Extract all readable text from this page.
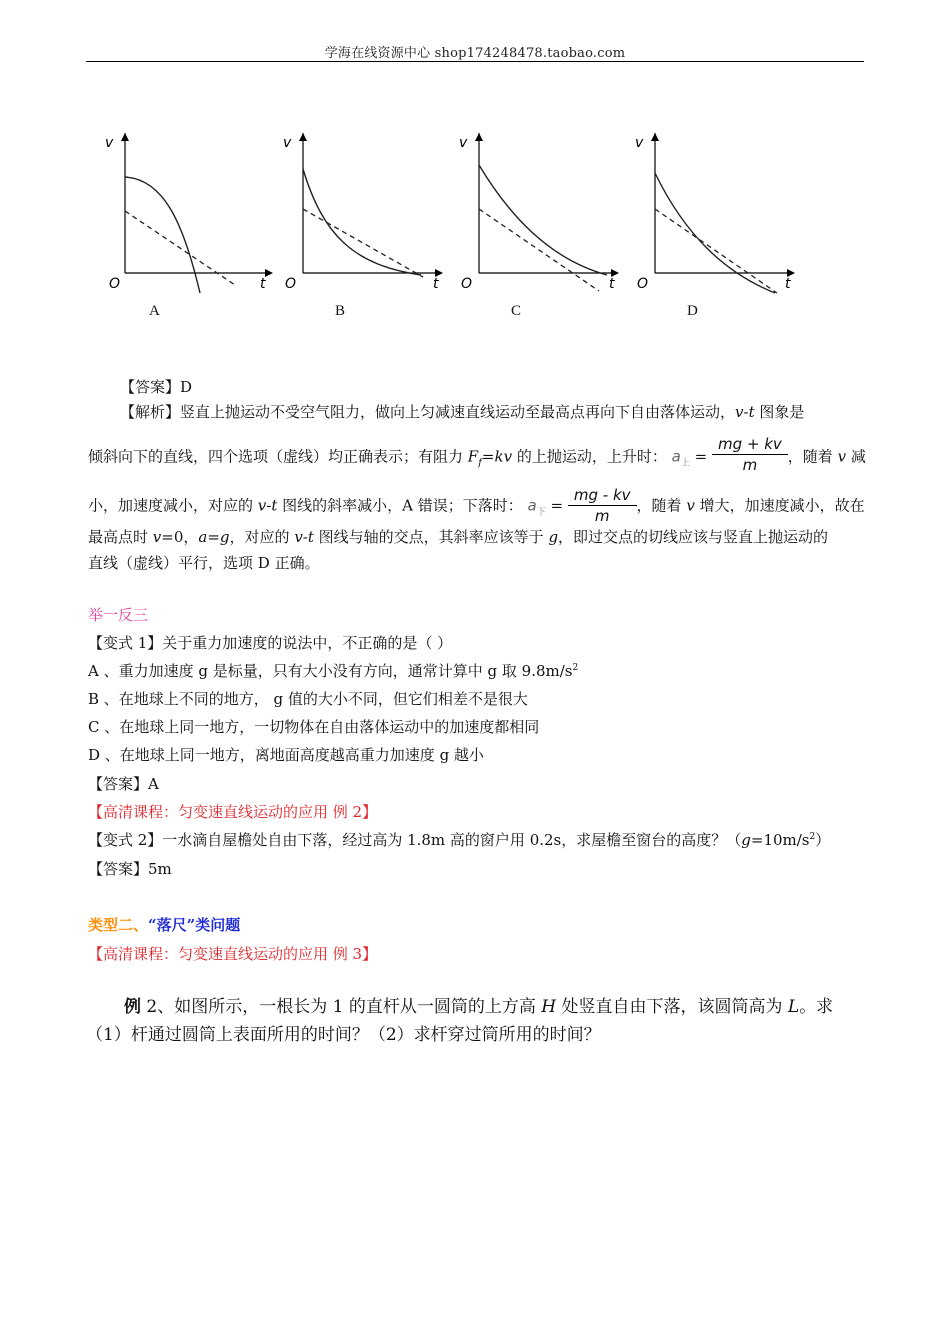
学海在线资源中心 shop174248478.taobao.com
v
O	t
A
v
O	t
B
v
O	t
C
v
O	t
D
【答案】D
【解析】竖直上抛运动不受空气阻力，做向上匀减速直线运动至最高点再向下自由落体运动，v-t 图象是
倾斜向下的直线，四个选项（虚线）均正确表示；有阻力 $F_f=kv$ 的上抛运动，上升时： $a_上 = \frac{mg + kv}{m}$ ，随着 v 减
小，加速度减小，对应的 v-t 图线的斜率减小，A 错误；下落时： $a_下 = \frac{mg - kv}{m}$ ，随着 v 增大，加速度减小，故在
最高点时 v=0，a=g，对应的 v-t 图线与轴的交点，其斜率应该等于 g，即过交点的切线应该与竖直上抛运动的
直线（虚线）平行，选项 D 正确。
举一反三
【变式 1】关于重力加速度的说法中，不正确的是（ ）
A 、重力加速度 g 是标量，只有大小没有方向，通常计算中 g 取 $9.8m/s^2$
B 、在地球上不同的地方， g 值的大小不同，但它们相差不是很大
C 、在地球上同一地方，一切物体在自由落体运动中的加速度都相同
D 、在地球上同一地方，离地面高度越高重力加速度 g 越小
【答案】A
【高清课程：匀变速直线运动的应用 例 2】
【变式 2】一水滴自屋檐处自由下落，经过高为 1.8m 高的窗户用 0.2s，求屋檐至窗台的高度？$(g=10m/s^2)$
【答案】5m
类型二、“落尺”类问题
【高清课程：匀变速直线运动的应用 例 3】
例 2、如图所示，一根长为 1 的直杆从一圆筒的上方高 H 处竖直自由下落，该圆筒高为 L。求
（1）杆通过圆筒上表面所用的时间？（2）求杆穿过筒所用的时间？
